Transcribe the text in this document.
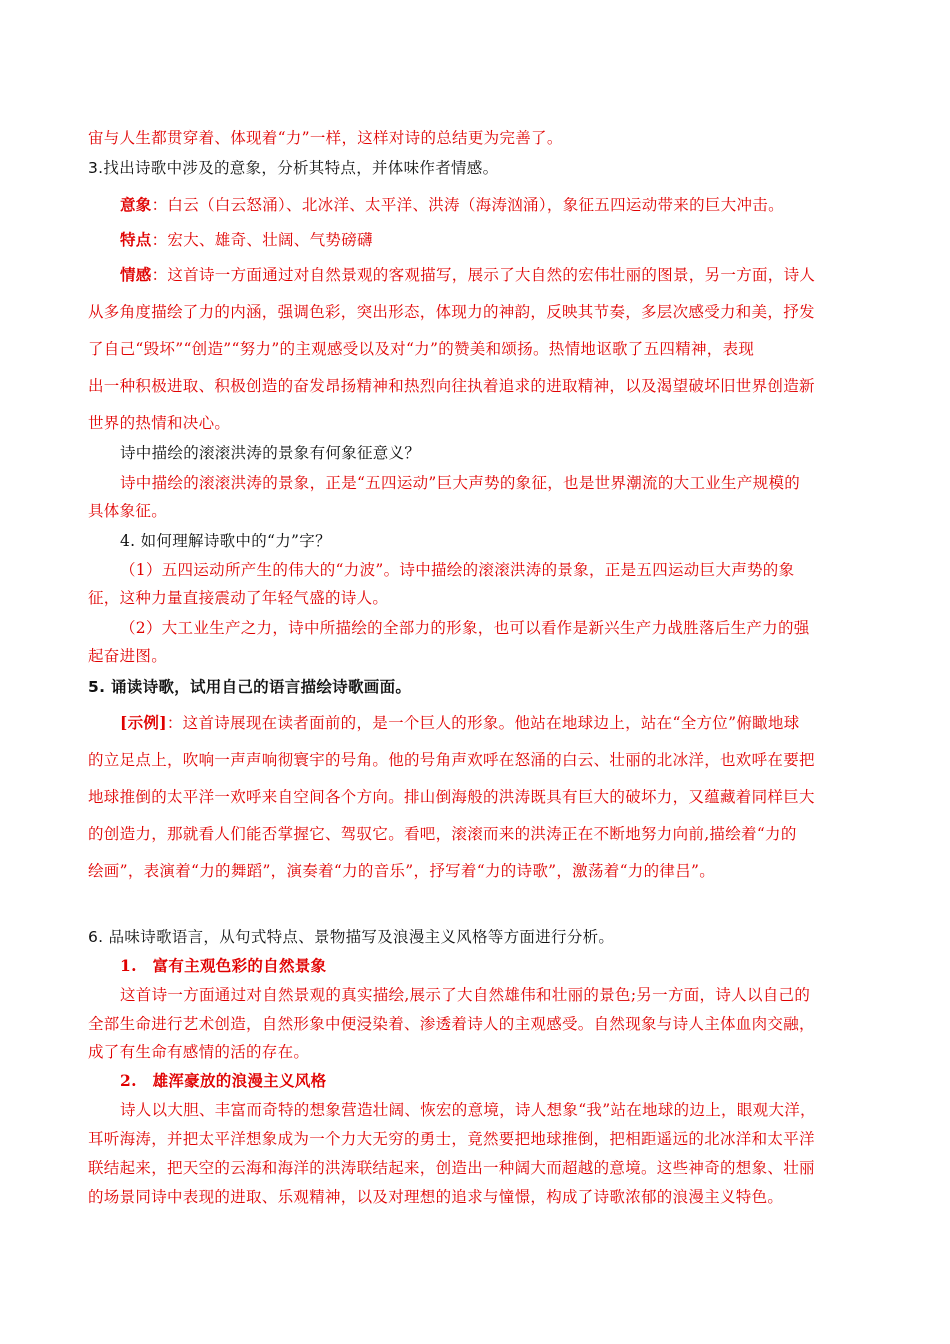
宙与人生都贯穿着、体现着“力”一样，这样对诗的总结更为完善了。
3.找出诗歌中涉及的意象，分析其特点，并体味作者情感。
意象：白云（白云怒涌）、北冰洋、太平洋、洪涛（海涛汹涌），象征五四运动带来的巨大冲击。
特点：宏大、雄奇、壮阔、气势磅礴
情感：这首诗一方面通过对自然景观的客观描写，展示了大自然的宏伟壮丽的图景，另一方面，诗人
从多角度描绘了力的内涵，强调色彩，突出形态，体现力的神韵，反映其节奏，多层次感受力和美，抒发
了自己“毁坏”“创造”“努力”的主观感受以及对“力”的赞美和颂扬。热情地讴歌了五四精神，表现
出一种积极进取、积极创造的奋发昂扬精神和热烈向往执着追求的进取精神，以及渴望破坏旧世界创造新
世界的热情和决心。
诗中描绘的滚滚洪涛的景象有何象征意义？
诗中描绘的滚滚洪涛的景象，正是“五四运动”巨大声势的象征，也是世界潮流的大工业生产规模的
具体象征。
4. 如何理解诗歌中的“力”字？
（1）五四运动所产生的伟大的“力波”。诗中描绘的滚滚洪涛的景象，正是五四运动巨大声势的象
征，这种力量直接震动了年轻气盛的诗人。
（2）大工业生产之力，诗中所描绘的全部力的形象，也可以看作是新兴生产力战胜落后生产力的强
起奋进图。
5. 诵读诗歌，试用自己的语言描绘诗歌画面。
[示例]：这首诗展现在读者面前的，是一个巨人的形象。他站在地球边上，站在“全方位”俯瞰地球
的立足点上，吹响一声声响彻寰宇的号角。他的号角声欢呼在怒涌的白云、壮丽的北冰洋，也欢呼在要把
地球推倒的太平洋一欢呼来自空间各个方向。排山倒海般的洪涛既具有巨大的破坏力，又蕴藏着同样巨大
的创造力，那就看人们能否掌握它、驾驭它。看吧，滚滚而来的洪涛正在不断地努力向前,描绘着“力的
绘画”，表演着“力的舞蹈”，演奏着“力的音乐”，抒写着“力的诗歌”，激荡着“力的律吕”。
6. 品味诗歌语言，从句式特点、景物描写及浪漫主义风格等方面进行分析。
1.　富有主观色彩的自然景象
这首诗一方面通过对自然景观的真实描绘,展示了大自然雄伟和壮丽的景色;另一方面，诗人以自己的
全部生命进行艺术创造，自然形象中便浸染着、渗透着诗人的主观感受。自然现象与诗人主体血肉交融，
成了有生命有感情的活的存在。
2.　雄浑豪放的浪漫主义风格
诗人以大胆、丰富而奇特的想象营造壮阔、恢宏的意境，诗人想象“我”站在地球的边上，眼观大洋，
耳听海涛，并把太平洋想象成为一个力大无穷的勇士，竟然要把地球推倒，把相距遥远的北冰洋和太平洋
联结起来，把天空的云海和海洋的洪涛联结起来，创造出一种阔大而超越的意境。这些神奇的想象、壮丽
的场景同诗中表现的进取、乐观精神，以及对理想的追求与憧憬，构成了诗歌浓郁的浪漫主义特色。
